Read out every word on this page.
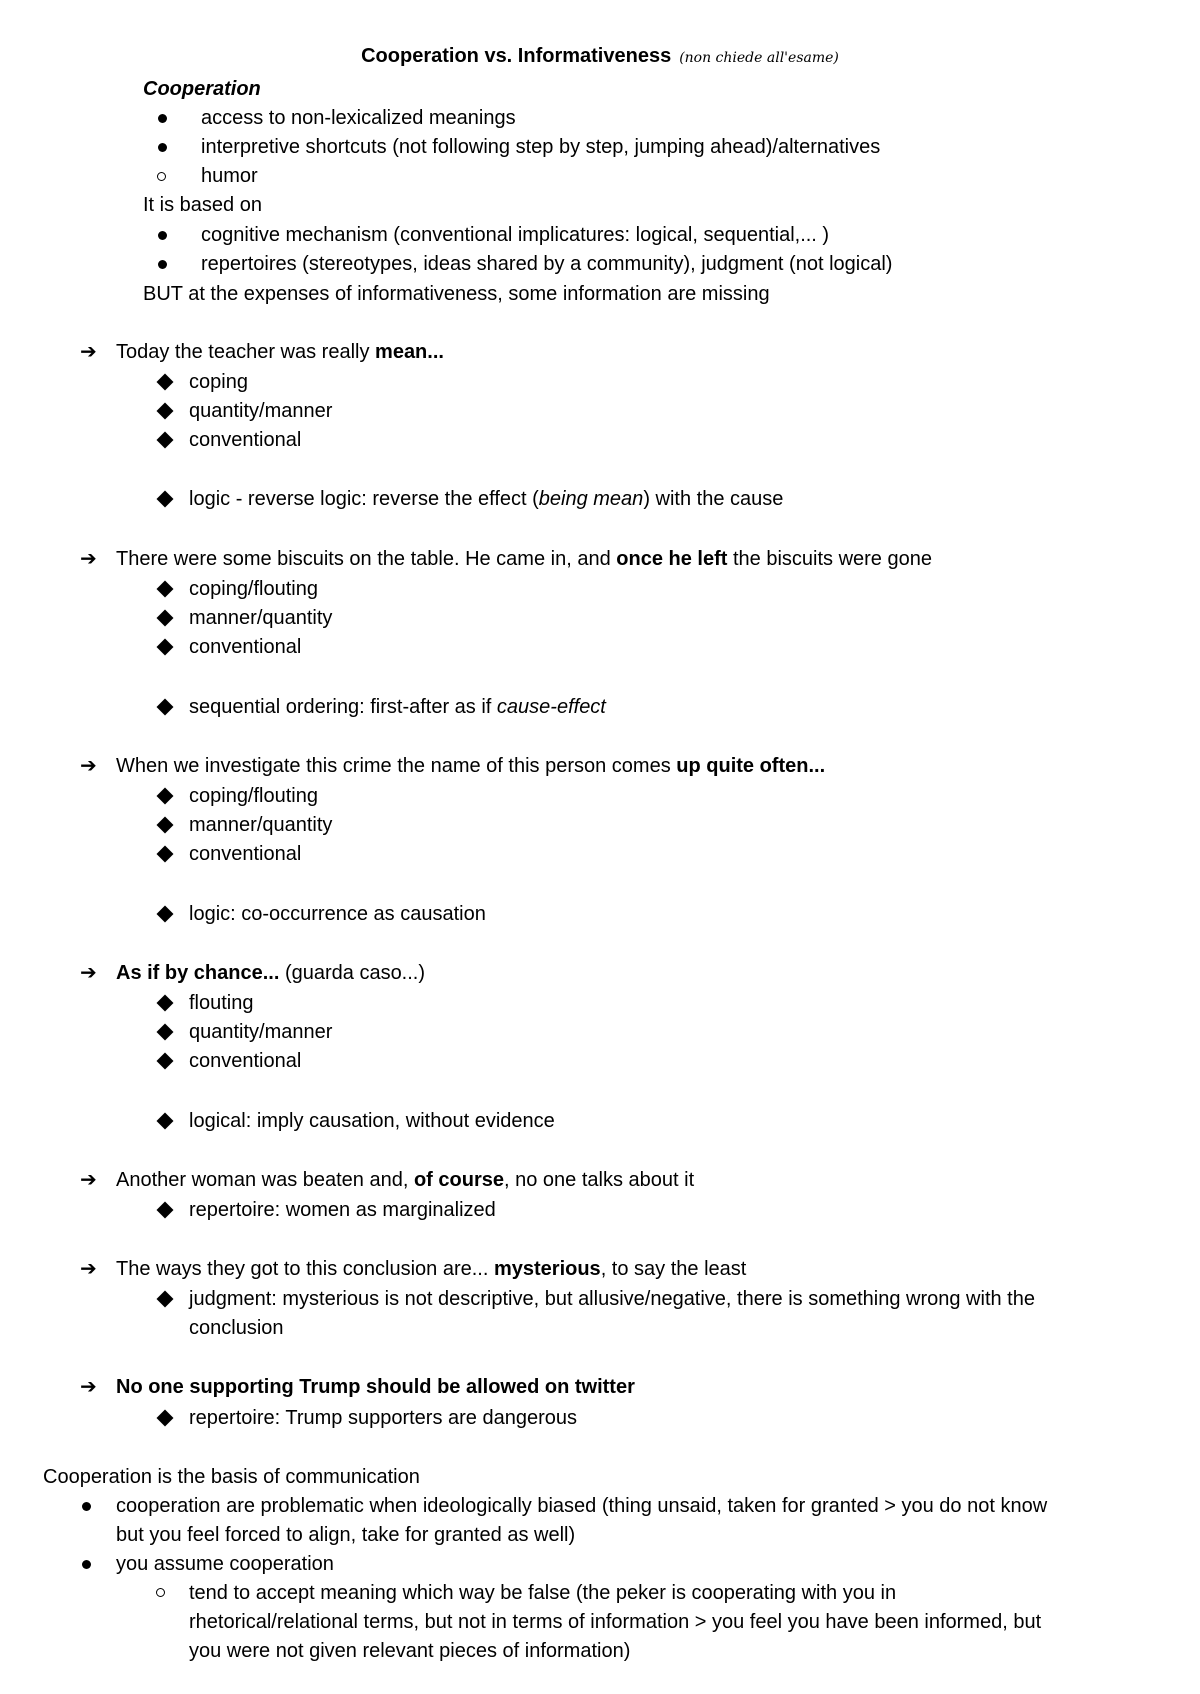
Cooperation vs. Informativeness (non chiede all'esame)
Cooperation
access to non-lexicalized meanings
interpretive shortcuts (not following step by step, jumping ahead)/alternatives
humor
It is based on
cognitive mechanism (conventional implicatures: logical, sequential,... )
repertoires (stereotypes, ideas shared by a community), judgment (not logical)
BUT at the expenses of informativeness, some information are missing
➔ Today the teacher was really mean...
coping
quantity/manner
conventional
logic - reverse logic: reverse the effect (being mean) with the cause
➔ There were some biscuits on the table. He came in, and once he left the biscuits were gone
coping/flouting
manner/quantity
conventional
sequential ordering: first-after as if cause-effect
➔ When we investigate this crime the name of this person comes up quite often...
coping/flouting
manner/quantity
conventional
logic: co-occurrence as causation
➔ As if by chance... (guarda caso...)
flouting
quantity/manner
conventional
logical: imply causation, without evidence
➔ Another woman was beaten and, of course, no one talks about it
repertoire: women as marginalized
➔ The ways they got to this conclusion are... mysterious, to say the least
judgment: mysterious is not descriptive, but allusive/negative, there is something wrong with the
conclusion
➔ No one supporting Trump should be allowed on twitter
repertoire: Trump supporters are dangerous
Cooperation is the basis of communication
cooperation are problematic when ideologically biased (thing unsaid, taken for granted > you do not know
but you feel forced to align, take for granted as well)
you assume cooperation
tend to accept meaning which way be false (the peker is cooperating with you in
rhetorical/relational terms, but not in terms of information > you feel you have been informed, but
you were not given relevant pieces of information)
